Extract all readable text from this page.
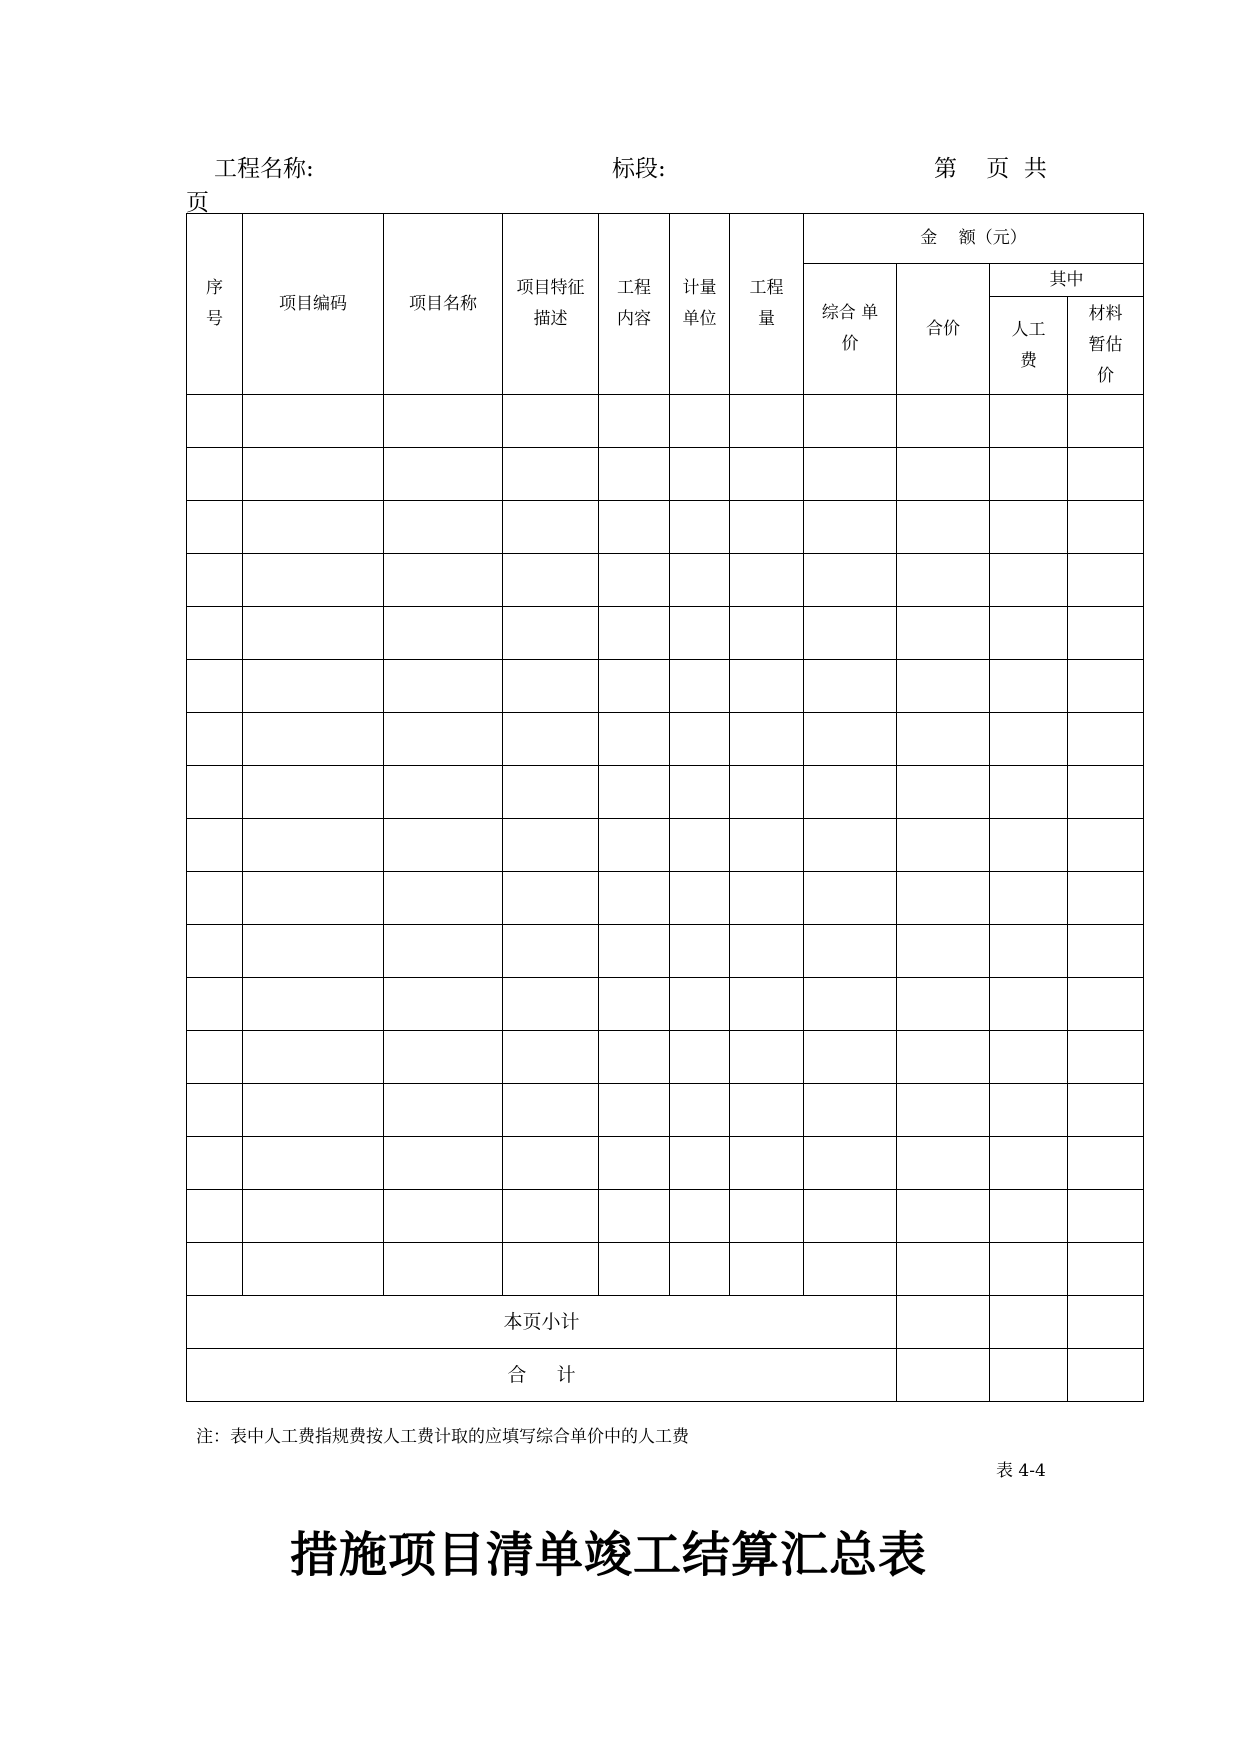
工程名称:	标段:	第    页  共
页
序号	项目编码	项目名称	项目特征 描述	工程内容	计量单位	工程量	金    额（元）			

							综合 单价	合价	其中	

									人工费	材料暂估价

本页小计										
合     计										
注：表中人工费指规费按人工费计取的应填写综合单价中的人工费
表 4-4
措施项目清单竣工结算汇总表
